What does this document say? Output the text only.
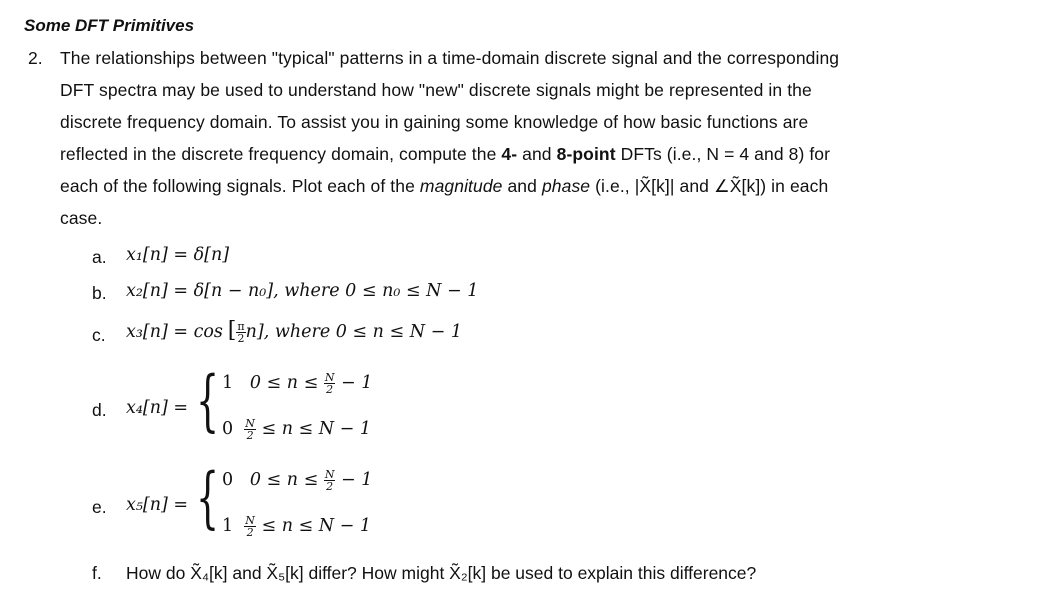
Some DFT Primitives
2. The relationships between "typical" patterns in a time-domain discrete signal and the corresponding
DFT spectra may be used to understand how "new" discrete signals might be represented in the
discrete frequency domain. To assist you in gaining some knowledge of how basic functions are
reflected in the discrete frequency domain, compute the 4- and 8-point DFTs (i.e., N = 4 and 8) for
each of the following signals. Plot each of the magnitude and phase (i.e., |X̃[k]| and ∠X̃[k]) in each
case.
a. x₁[n] = δ[n]
b. x₂[n] = δ[n − n₀], where 0 ≤ n₀ ≤ N − 1
c. x₃[n] = cos [ $\frac{\pi}{2} n$], where 0 ≤ n ≤ N − 1
d. x₄[n] = { 1 $0 \le n \le \frac{N}{2} - 1$
$0 \frac{N}{2} \le n \le N - 1$
e. x₅[n] = { 0 $0 \le n \le \frac{N}{2} - 1$
$1 \frac{N}{2} \le n \le N - 1$
f. How do X̃₄[k] and X̃₅[k] differ? How might X̃₂[k] be used to explain this difference?
